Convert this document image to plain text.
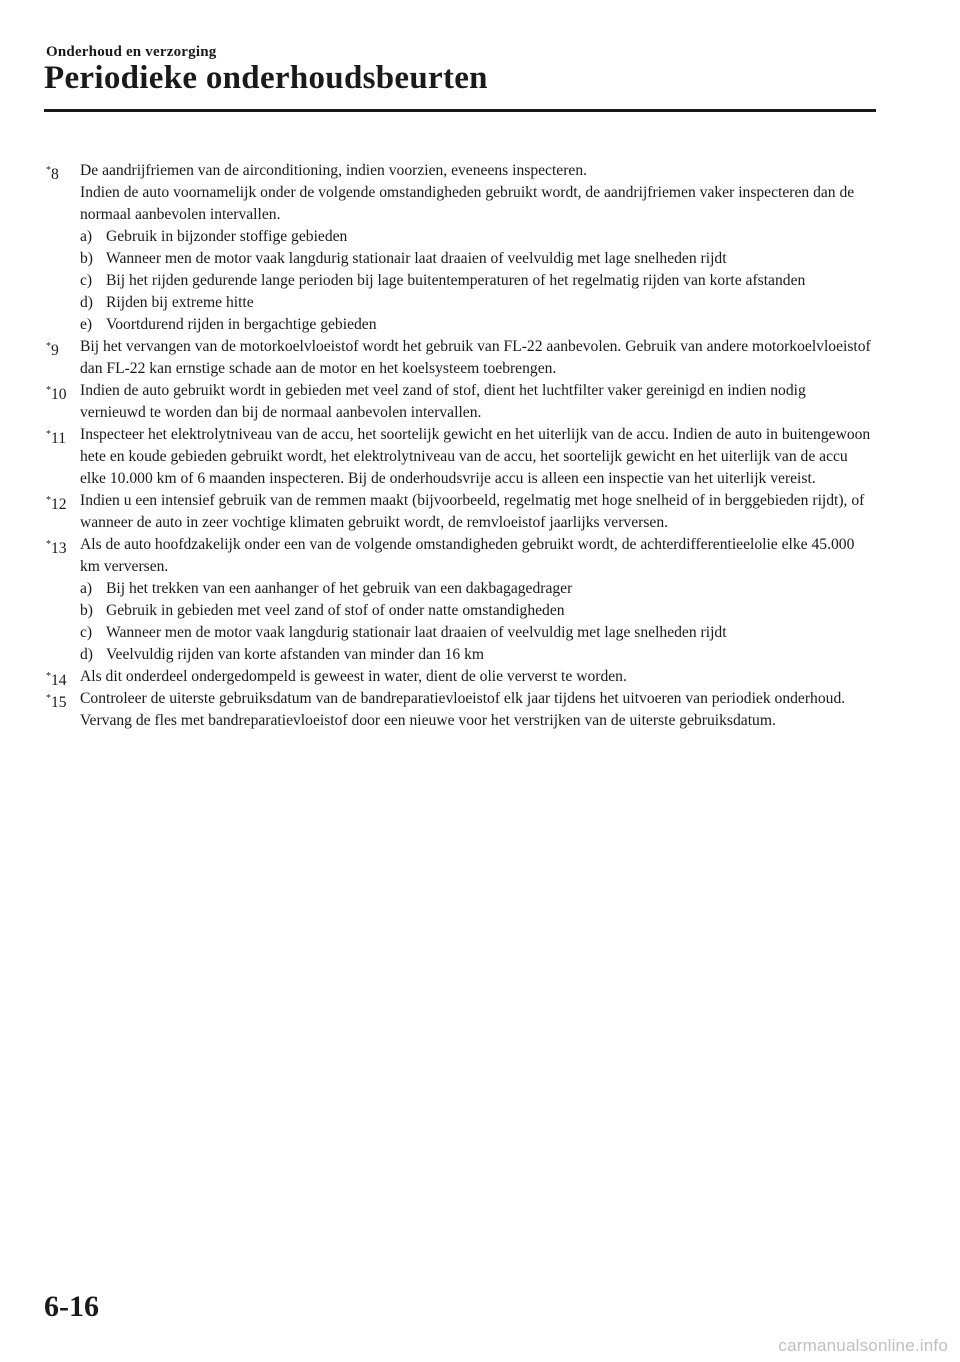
Onderhoud en verzorging
Periodieke onderhoudsbeurten
*8 De aandrijfriemen van de airconditioning, indien voorzien, eveneens inspecteren.
Indien de auto voornamelijk onder de volgende omstandigheden gebruikt wordt, de aandrijfriemen vaker inspecteren dan de normaal aanbevolen intervallen.
a) Gebruik in bijzonder stoffige gebieden
b) Wanneer men de motor vaak langdurig stationair laat draaien of veelvuldig met lage snelheden rijdt
c) Bij het rijden gedurende lange perioden bij lage buitentemperaturen of het regelmatig rijden van korte afstanden
d) Rijden bij extreme hitte
e) Voortdurend rijden in bergachtige gebieden
*9 Bij het vervangen van de motorkoelvloeistof wordt het gebruik van FL-22 aanbevolen. Gebruik van andere motorkoelvloeistof dan FL-22 kan ernstige schade aan de motor en het koelsysteem toebrengen.
*10 Indien de auto gebruikt wordt in gebieden met veel zand of stof, dient het luchtfilter vaker gereinigd en indien nodig vernieuwd te worden dan bij de normaal aanbevolen intervallen.
*11 Inspecteer het elektrolytniveau van de accu, het soortelijk gewicht en het uiterlijk van de accu. Indien de auto in buitengewoon hete en koude gebieden gebruikt wordt, het elektrolytniveau van de accu, het soortelijk gewicht en het uiterlijk van de accu elke 10.000 km of 6 maanden inspecteren. Bij de onderhoudsvrije accu is alleen een inspectie van het uiterlijk vereist.
*12 Indien u een intensief gebruik van de remmen maakt (bijvoorbeeld, regelmatig met hoge snelheid of in berggebieden rijdt), of wanneer de auto in zeer vochtige klimaten gebruikt wordt, de remvloeistof jaarlijks verversen.
*13 Als de auto hoofdzakelijk onder een van de volgende omstandigheden gebruikt wordt, de achterdifferentieelolie elke 45.000 km verversen.
a) Bij het trekken van een aanhanger of het gebruik van een dakbagagedrager
b) Gebruik in gebieden met veel zand of stof of onder natte omstandigheden
c) Wanneer men de motor vaak langdurig stationair laat draaien of veelvuldig met lage snelheden rijdt
d) Veelvuldig rijden van korte afstanden van minder dan 16 km
*14 Als dit onderdeel ondergedompeld is geweest in water, dient de olie ververst te worden.
*15 Controleer de uiterste gebruiksdatum van de bandreparatievloeistof elk jaar tijdens het uitvoeren van periodiek onderhoud. Vervang de fles met bandreparatievloeistof door een nieuwe voor het verstrijken van de uiterste gebruiksdatum.
6-16
carmanualsonline.info
